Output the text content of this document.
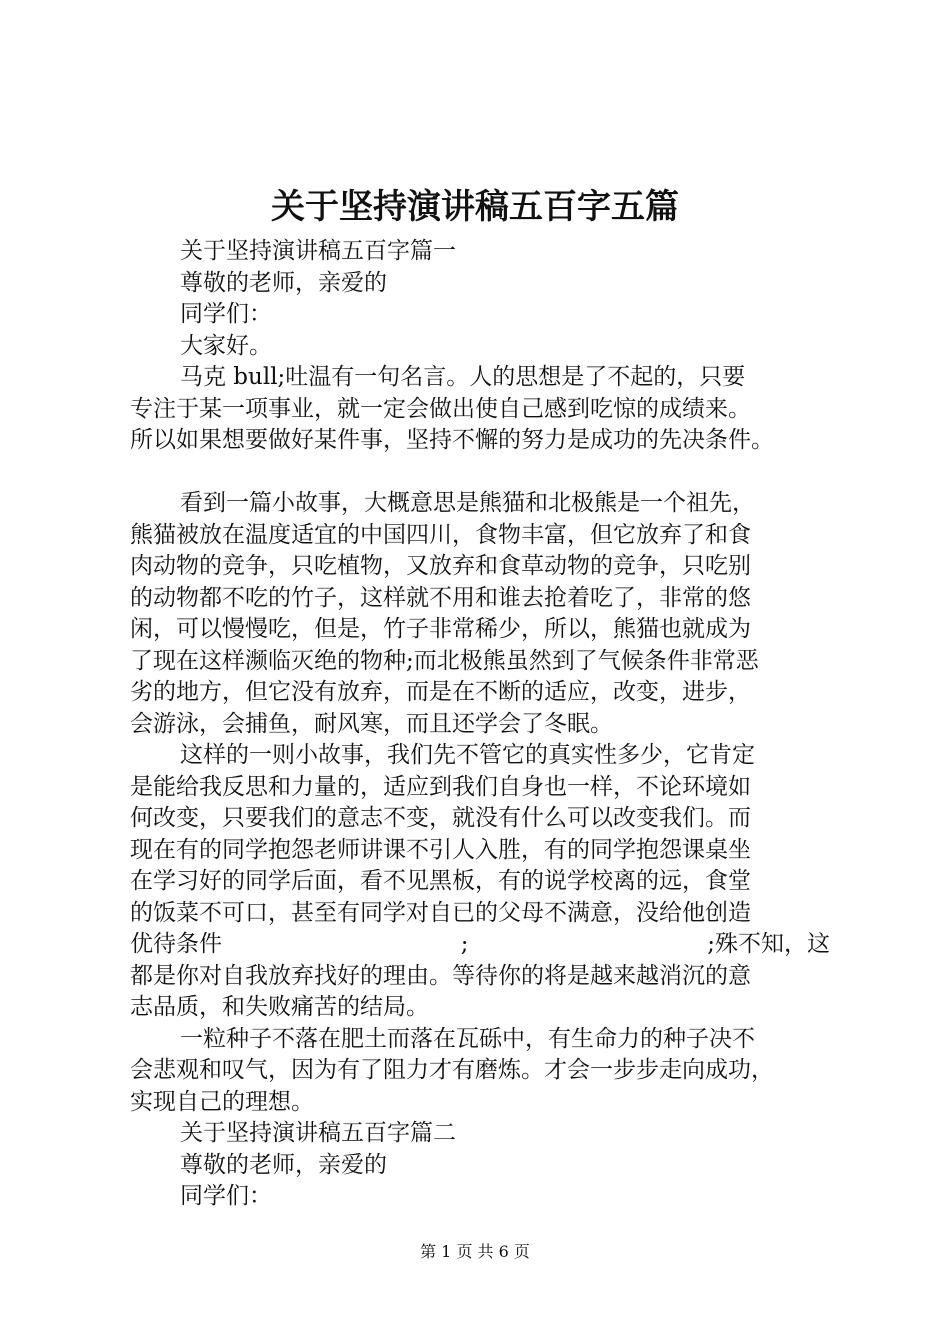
关于坚持演讲稿五百字五篇
关于坚持演讲稿五百字篇一
尊敬的老师，亲爱的
同学们：
大家好。
马克 bull;吐温有一句名言。人的思想是了不起的，只要
专注于某一项事业，就一定会做出使自己感到吃惊的成绩来。
所以如果想要做好某件事，坚持不懈的努力是成功的先决条件。
看到一篇小故事，大概意思是熊猫和北极熊是一个祖先，
熊猫被放在温度适宜的中国四川，食物丰富，但它放弃了和食
肉动物的竞争，只吃植物，又放弃和食草动物的竞争，只吃别
的动物都不吃的竹子，这样就不用和谁去抢着吃了，非常的悠
闲，可以慢慢吃，但是，竹子非常稀少，所以，熊猫也就成为
了现在这样濒临灭绝的物种;而北极熊虽然到了气候条件非常恶
劣的地方，但它没有放弃，而是在不断的适应，改变，进步，
会游泳，会捕鱼，耐风寒，而且还学会了冬眠。
这样的一则小故事，我们先不管它的真实性多少，它肯定
是能给我反思和力量的，适应到我们自身也一样，不论环境如
何改变，只要我们的意志不变，就没有什么可以改变我们。而
现在有的同学抱怨老师讲课不引人入胜，有的同学抱怨课桌坐
在学习好的同学后面，看不见黑板，有的说学校离的远，食堂
的饭菜不可口，甚至有同学对自已的父母不满意，没给他创造
优待条件	;	;殊不知，这
都是你对自我放弃找好的理由。等待你的将是越来越消沉的意
志品质，和失败痛苦的结局。
一粒种子不落在肥土而落在瓦砾中，有生命力的种子决不
会悲观和叹气，因为有了阻力才有磨炼。才会一步步走向成功，
实现自己的理想。
关于坚持演讲稿五百字篇二
尊敬的老师，亲爱的
同学们：
第 1 页 共 6 页
